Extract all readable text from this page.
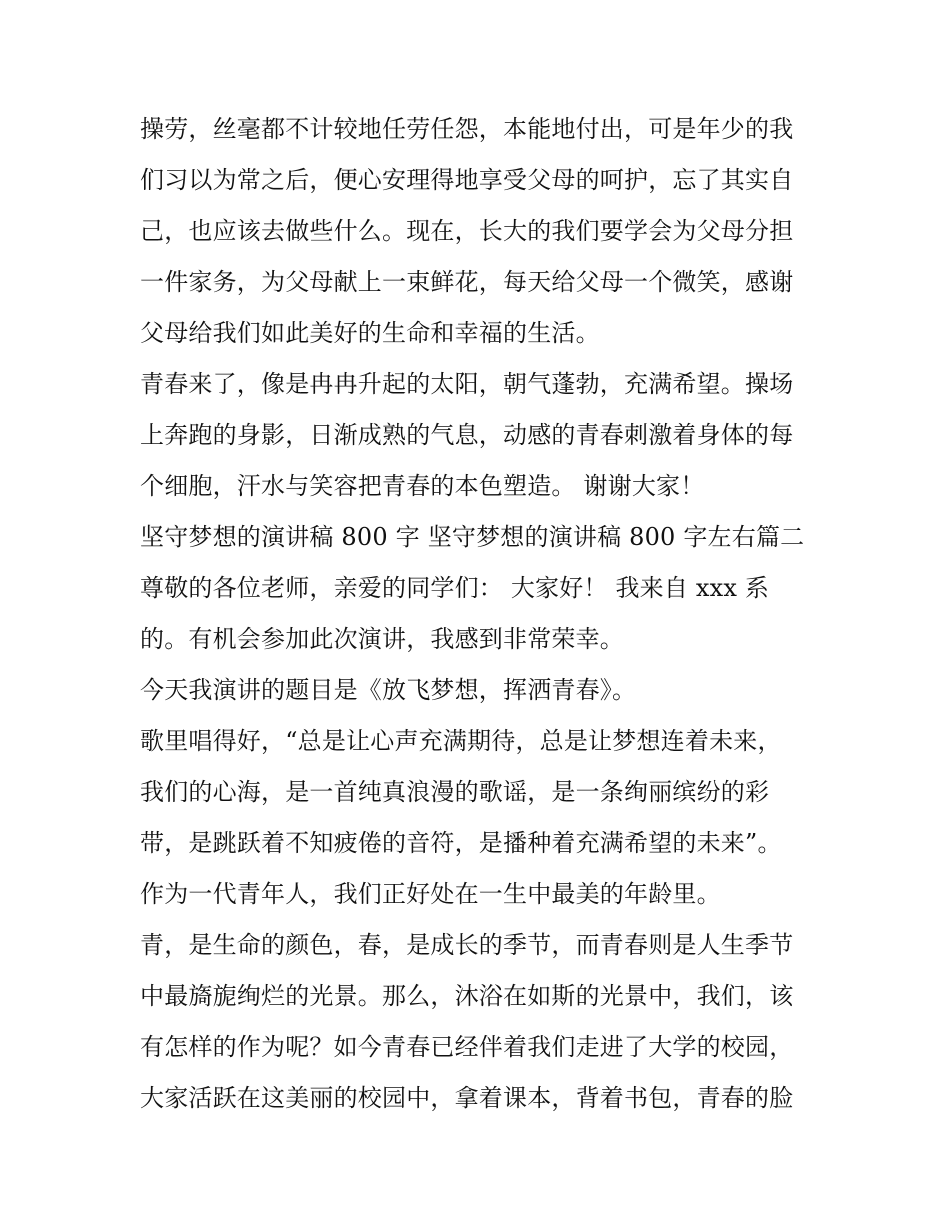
操劳，丝毫都不计较地任劳任怨，本能地付出，可是年少的我
们习以为常之后，便心安理得地享受父母的呵护，忘了其实自
己，也应该去做些什么。现在，长大的我们要学会为父母分担
一件家务，为父母献上一束鲜花，每天给父母一个微笑，感谢
父母给我们如此美好的生命和幸福的生活。
青春来了，像是冉冉升起的太阳，朝气蓬勃，充满希望。操场
上奔跑的身影，日渐成熟的气息，动感的青春刺激着身体的每
个细胞，汗水与笑容把青春的本色塑造。 谢谢大家！
坚守梦想的演讲稿 800 字 坚守梦想的演讲稿 800 字左右篇二
尊敬的各位老师，亲爱的同学们： 大家好！ 我来自 xxx 系
的。有机会参加此次演讲，我感到非常荣幸。
今天我演讲的题目是《放飞梦想，挥洒青春》。
歌里唱得好，“总是让心声充满期待，总是让梦想连着未来，
我们的心海，是一首纯真浪漫的歌谣，是一条绚丽缤纷的彩
带，是跳跃着不知疲倦的音符，是播种着充满希望的未来”。
作为一代青年人，我们正好处在一生中最美的年龄里。
青，是生命的颜色，春，是成长的季节，而青春则是人生季节
中最旖旎绚烂的光景。那么，沐浴在如斯的光景中，我们，该
有怎样的作为呢？如今青春已经伴着我们走进了大学的校园，
大家活跃在这美丽的校园中，拿着课本，背着书包，青春的脸
